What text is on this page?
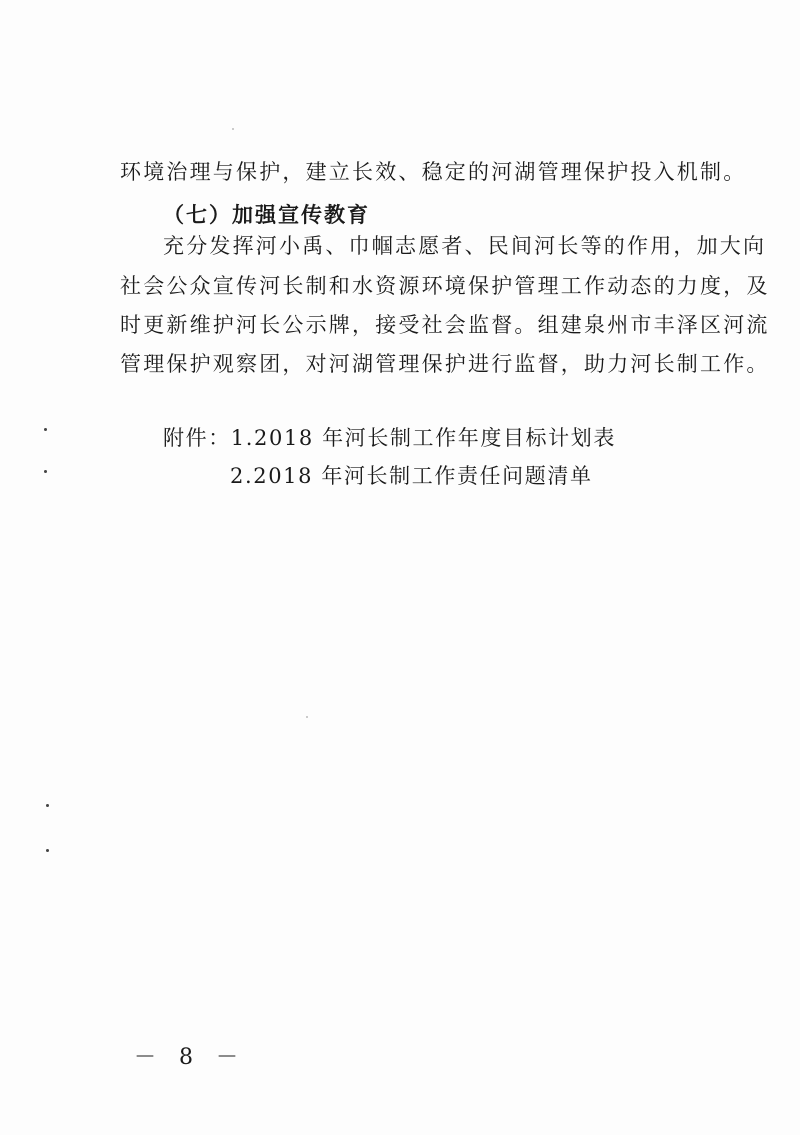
环境治理与保护，建立长效、稳定的河湖管理保护投入机制。
（七）加强宣传教育
充分发挥河小禹、巾帼志愿者、民间河长等的作用，加大向
社会公众宣传河长制和水资源环境保护管理工作动态的力度，及
时更新维护河长公示牌，接受社会监督。组建泉州市丰泽区河流
管理保护观察团，对河湖管理保护进行监督，助力河长制工作。
附件：1.2018 年河长制工作年度目标计划表
2.2018 年河长制工作责任问题清单
－ 8 －
